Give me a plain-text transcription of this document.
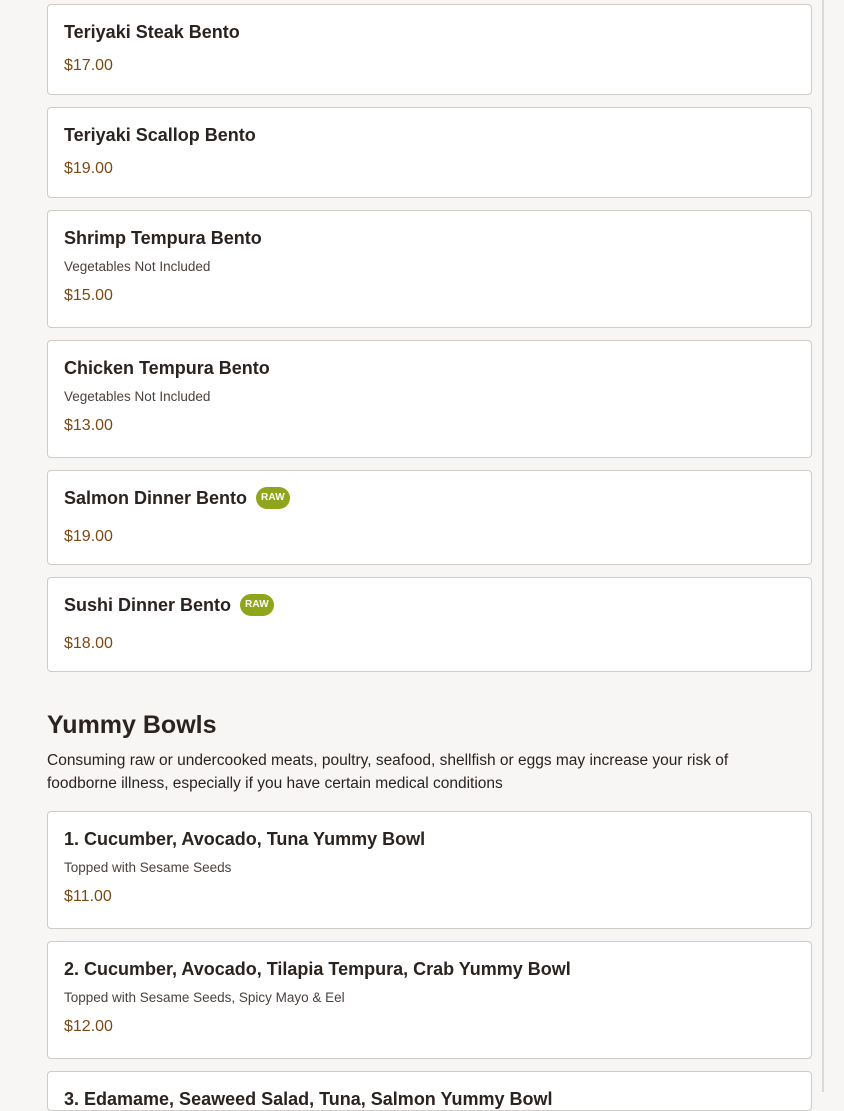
Teriyaki Steak Bento
$17.00
Teriyaki Scallop Bento
$19.00
Shrimp Tempura Bento
Vegetables Not Included
$15.00
Chicken Tempura Bento
Vegetables Not Included
$13.00
Salmon Dinner Bento	RAW
$19.00
Sushi Dinner Bento	RAW
$18.00
Yummy Bowls
Consuming raw or undercooked meats, poultry, seafood, shellfish or eggs may increase your risk of foodborne illness, especially if you have certain medical conditions
1. Cucumber, Avocado, Tuna Yummy Bowl
Topped with Sesame Seeds
$11.00
2. Cucumber, Avocado, Tilapia Tempura, Crab Yummy Bowl
Topped with Sesame Seeds, Spicy Mayo & Eel
$12.00
3. Edamame, Seaweed Salad, Tuna, Salmon Yummy Bowl
